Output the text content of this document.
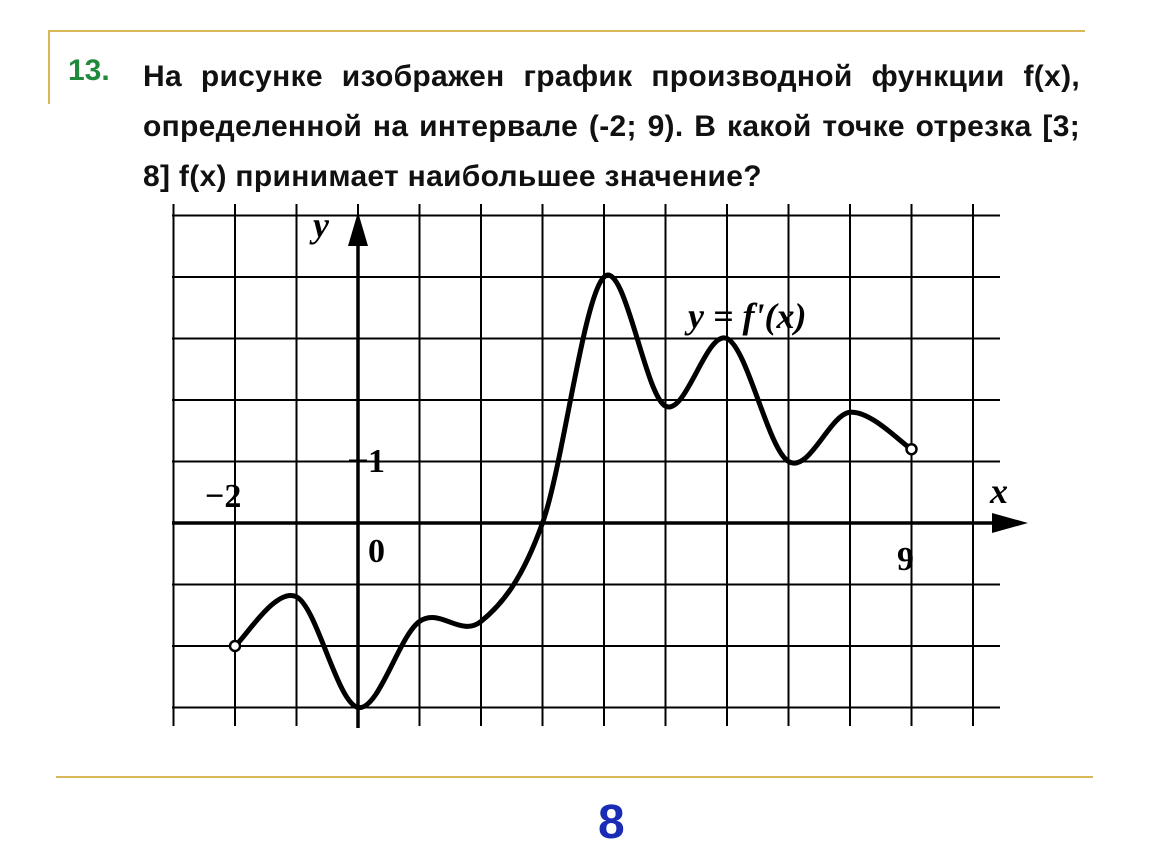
13. На рисунке изображен график производной функции f(x), определенной на интервале (-2; 9). В какой точке отрезка [3; 8] f(x) принимает наибольшее значение?
y
x
y = f'(x)
−2
0
1
9
8
